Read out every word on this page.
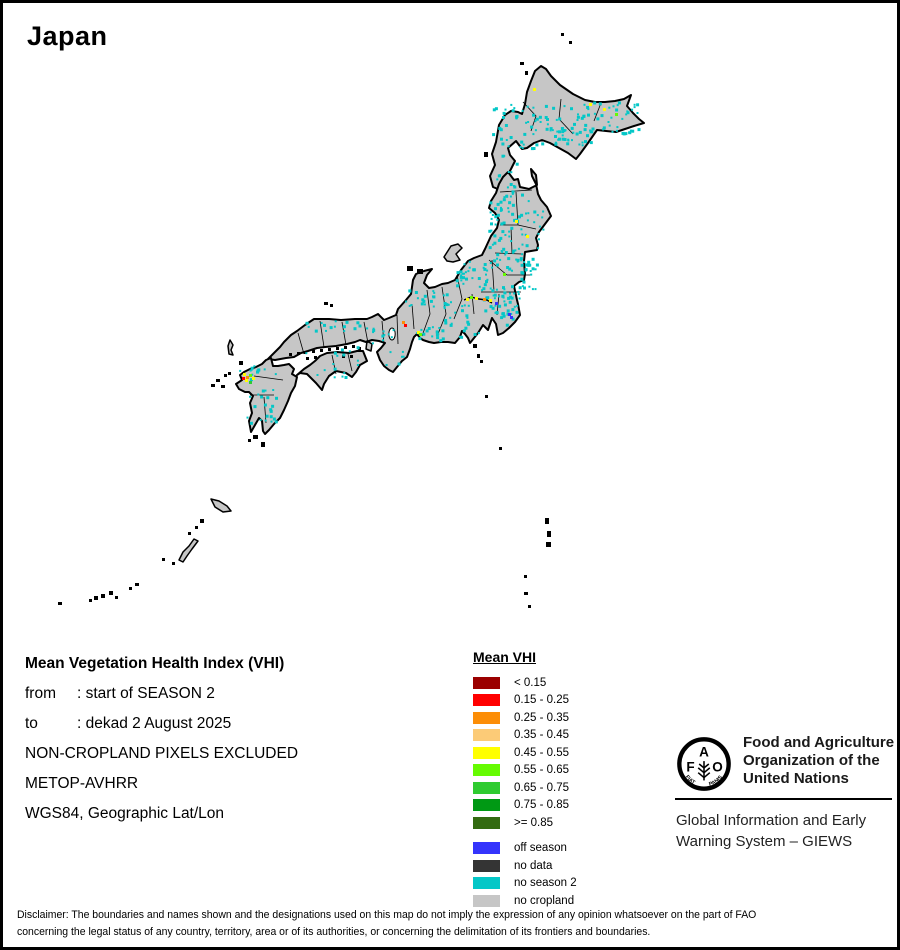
Japan
Mean Vegetation Health Index (VHI)
from	: start of SEASON 2
to	: dekad 2 August 2025
NON-CROPLAND PIXELS EXCLUDED
METOP-AVHRR
WGS84, Geographic Lat/Lon
Mean VHI
< 0.15
0.15 - 0.25
0.25 - 0.35
0.35 - 0.45
0.45 - 0.55
0.55 - 0.65
0.65 - 0.75
0.75 - 0.85
>= 0.85
off season
no data
no season 2
no cropland
F
A
O
FIAT PANIS
Food and Agriculture
Organization of the
United Nations
Global Information and Early
Warning System – GIEWS
Disclaimer: The boundaries and names shown and the designations used on this map do not imply the expression of any opinion whatsoever on the part of FAO
concerning the legal status of any country, territory, area or of its authorities, or concerning the delimitation of its frontiers and boundaries.
